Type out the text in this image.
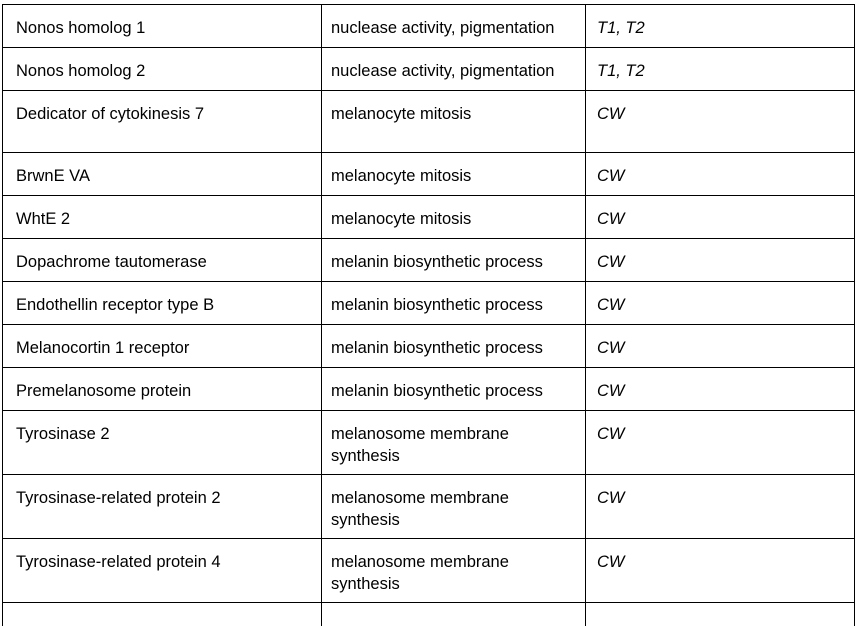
Nonos homolog 1	nuclease activity, pigmentation	T1, T2
Nonos homolog 2	nuclease activity, pigmentation	T1, T2
Dedicator of cytokinesis 7	melanocyte mitosis	CW
BrwnE VA	melanocyte mitosis	CW
WhtE 2	melanocyte mitosis	CW
Dopachrome tautomerase	melanin biosynthetic process	CW
Endothellin receptor type B	melanin biosynthetic process	CW
Melanocortin 1 receptor	melanin biosynthetic process	CW
Premelanosome protein	melanin biosynthetic process	CW
Tyrosinase 2	melanosome membrane synthesis	CW
Tyrosinase-related protein 2	melanosome membrane synthesis	CW
Tyrosinase-related protein 4	melanosome membrane synthesis	CW
